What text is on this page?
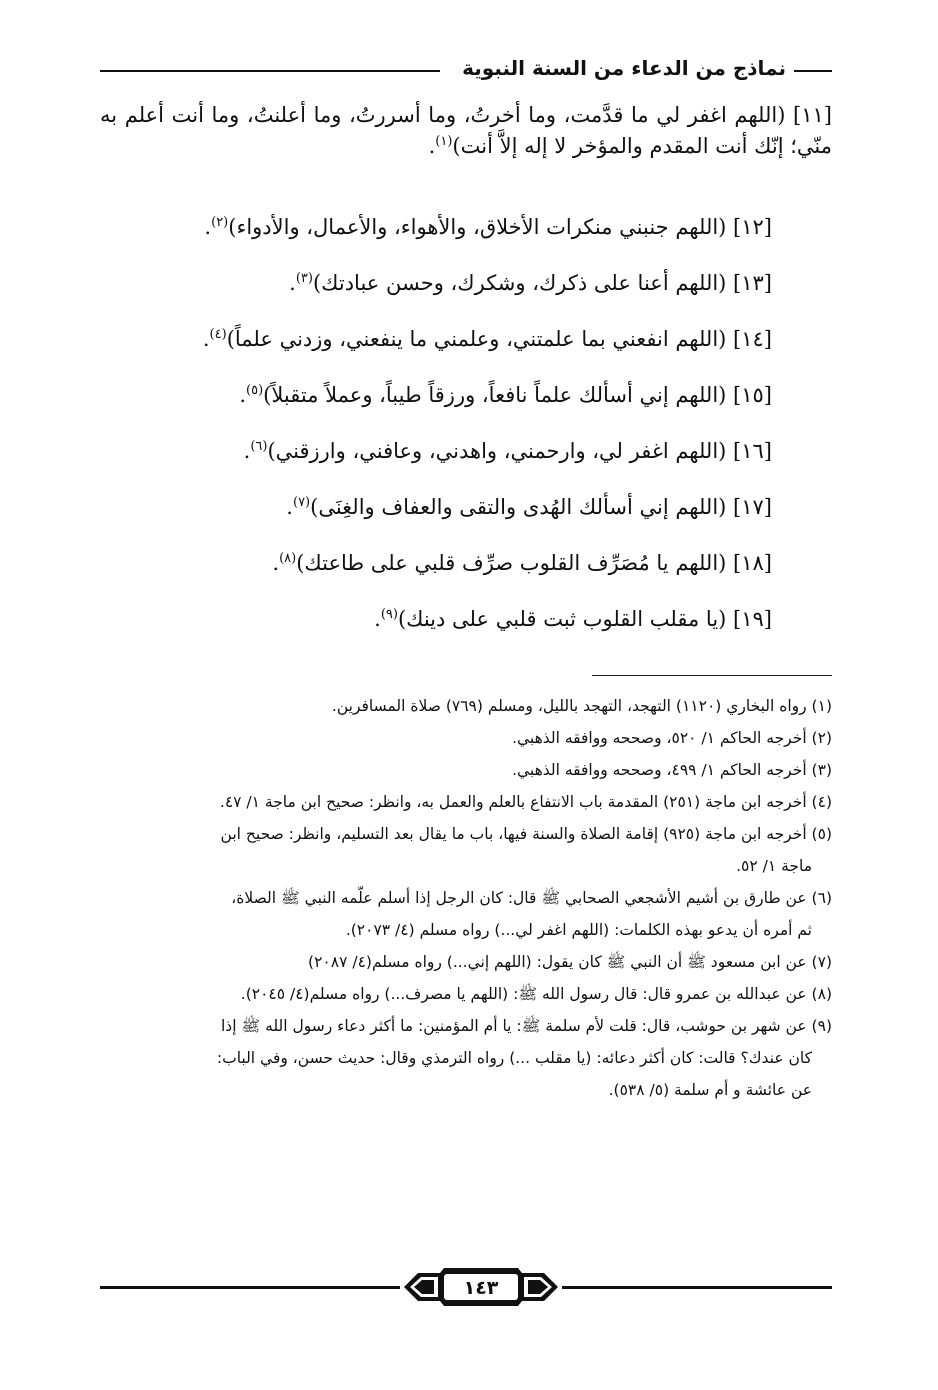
نماذج من الدعاء من السنة النبوية

[١١] (اللهم اغفر لي ما قدَّمت، وما أخرتُ، وما أسررتُ، وما أعلنتُ، وما أنت أعلم به منّي؛ إنّك أنت المقدم والمؤخر لا إله إلاَّ أنت)$^{(١)}$.

[١٢] (اللهم جنبني منكرات الأخلاق، والأهواء، والأعمال، والأدواء)$^{(٢)}$.

[١٣] (اللهم أعنا على ذكرك، وشكرك، وحسن عبادتك)$^{(٣)}$.

[١٤] (اللهم انفعني بما علمتني، وعلمني ما ينفعني، وزدني علماً)$^{(٤)}$.

[١٥] (اللهم إني أسألك علماً نافعاً، ورزقاً طيباً، وعملاً متقبلاً)$^{(٥)}$.

[١٦] (اللهم اغفر لي، وارحمني، واهدني، وعافني، وارزقني)$^{(٦)}$.

[١٧] (اللهم إني أسألك الهُدى والتقى والعفاف والغِنَى)$^{(٧)}$.

[١٨] (اللهم يا مُصَرِّف القلوب صرِّف قلبي على طاعتك)$^{(٨)}$.

[١٩] (يا مقلب القلوب ثبت قلبي على دينك)$^{(٩)}$.

(١) رواه البخاري (١١٢٠) التهجد، التهجد بالليل، ومسلم (٧٦٩) صلاة المسافرين.

(٢) أخرجه الحاكم ١/ ٥٢٠، وصححه ووافقه الذهبي.

(٣) أخرجه الحاكم ١/ ٤٩٩، وصححه ووافقه الذهبي.

(٤) أخرجه ابن ماجة (٢٥١) المقدمة باب الانتفاع بالعلم والعمل به، وانظر: صحيح ابن ماجة ١/ ٤٧.

(٥) أخرجه ابن ماجة (٩٢٥) إقامة الصلاة والسنة فيها، باب ما يقال بعد التسليم، وانظر: صحيح ابن

ماجة ١/ ٥٢.

(٦) عن طارق بن أشيم الأشجعي الصحابي ﷺ قال: كان الرجل إذا أسلم علّمه النبي ﷺ الصلاة،

ثم أمره أن يدعو بهذه الكلمات: (اللهم اغفر لي...) رواه مسلم (٤/ ٢٠٧٣).

(٧) عن ابن مسعود ﷺ أن النبي ﷺ كان يقول: (اللهم إني...) رواه مسلم(٤/ ٢٠٨٧)

(٨) عن عبدالله بن عمرو قال: قال رسول الله ﷺ: (اللهم يا مصرف...) رواه مسلم(٤/ ٢٠٤٥).

(٩) عن شهر بن حوشب، قال: قلت لأم سلمة ﷺ: يا أم المؤمنين: ما أكثر دعاء رسول الله ﷺ إذا

كان عندك؟ قالت: كان أكثر دعائه: (يا مقلب ...) رواه الترمذي وقال: حديث حسن، وفي الباب:

عن عائشة و أم سلمة (٥/ ٥٣٨).

١٤٣
